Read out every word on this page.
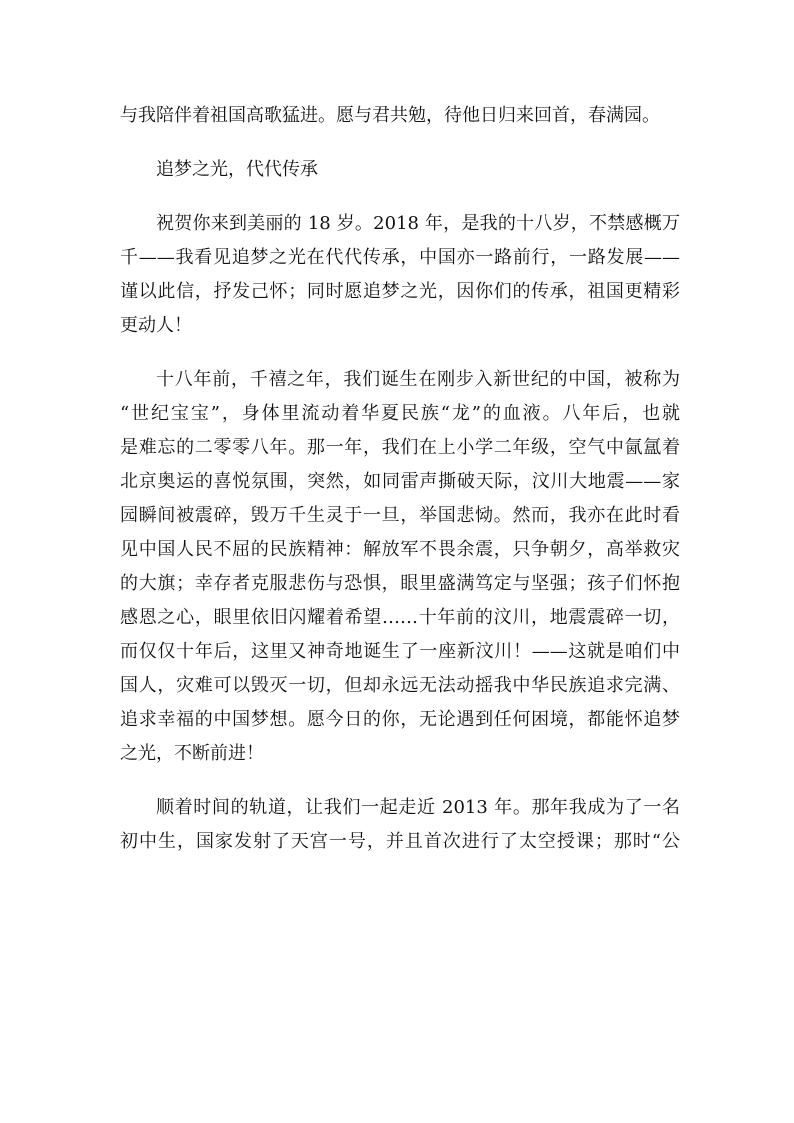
与我陪伴着祖国高歌猛进。愿与君共勉，待他日归来回首，春满园。
追梦之光，代代传承
祝贺你来到美丽的 18 岁。2018 年，是我的十八岁，不禁感概万
千——我看见追梦之光在代代传承，中国亦一路前行，一路发展——
谨以此信，抒发己怀；同时愿追梦之光，因你们的传承，祖国更精彩
更动人！
十八年前，千禧之年，我们诞生在刚步入新世纪的中国，被称为
“世纪宝宝”，身体里流动着华夏民族“龙”的血液。八年后，也就
是难忘的二零零八年。那一年，我们在上小学二年级，空气中氤氲着
北京奥运的喜悦氛围，突然，如同雷声撕破天际，汶川大地震——家
园瞬间被震碎，毁万千生灵于一旦，举国悲恸。然而，我亦在此时看
见中国人民不屈的民族精神：解放军不畏余震，只争朝夕，高举救灾
的大旗；幸存者克服悲伤与恐惧，眼里盛满笃定与坚强；孩子们怀抱
感恩之心，眼里依旧闪耀着希望……十年前的汶川，地震震碎一切，
而仅仅十年后，这里又神奇地诞生了一座新汶川！——这就是咱们中
国人，灾难可以毁灭一切，但却永远无法动摇我中华民族追求完满、
追求幸福的中国梦想。愿今日的你，无论遇到任何困境，都能怀追梦
之光，不断前进！
顺着时间的轨道，让我们一起走近 2013 年。那年我成为了一名
初中生，国家发射了天宫一号，并且首次进行了太空授课；那时“公
